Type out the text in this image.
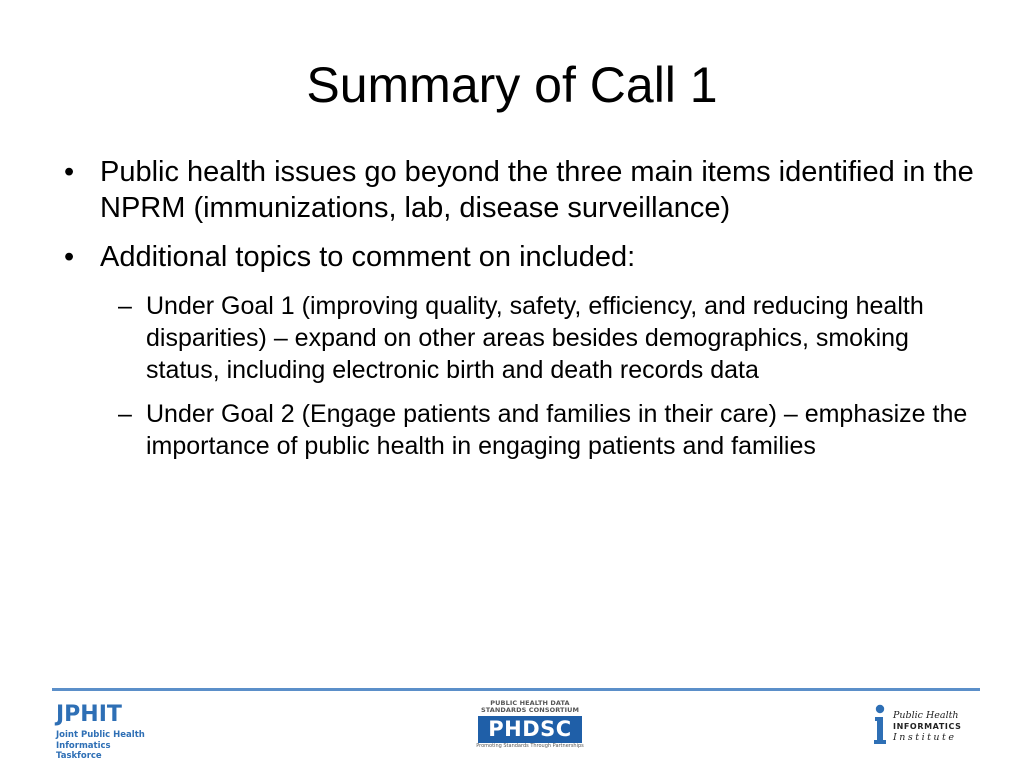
Summary of Call 1
• Public health issues go beyond the three main items identified in the NPRM (immunizations, lab, disease surveillance)
• Additional topics to comment on included:
– Under Goal 1 (improving quality, safety, efficiency, and reducing health disparities) – expand on other areas besides demographics, smoking status, including electronic birth and death records data
– Under Goal 2 (Engage patients and families in their care) – emphasize the importance of public health in engaging patients and families
JPHIT
Joint Public Health
Informatics Taskforce
PUBLIC HEALTH DATA
STANDARDS CONSORTIUM
PHDSC
Promoting Standards Through Partnerships
Public Health
INFORMATICS
Institute
